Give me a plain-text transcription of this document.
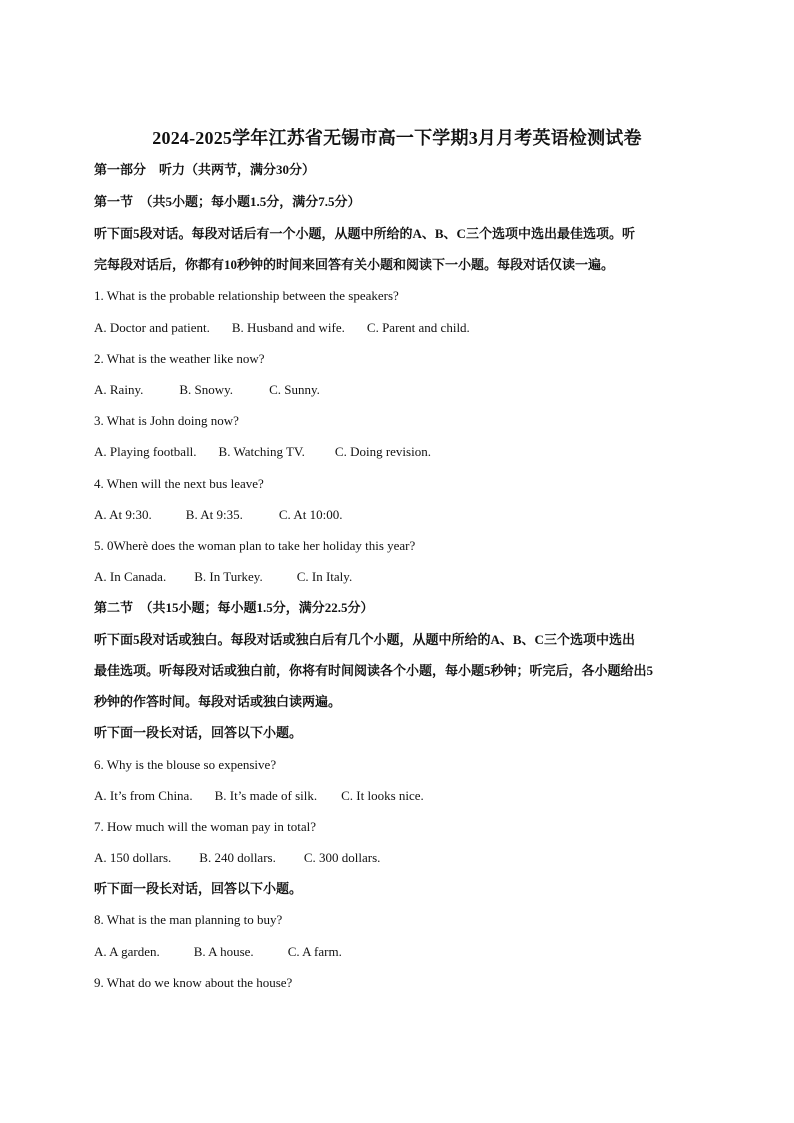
2024-2025学年江苏省无锡市高一下学期3月月考英语检测试卷
第一部分　听力（共两节，满分30分）
第一节　（共5小题；每小题1.5分，满分7.5分）
听下面5段对话。每段对话后有一个小题，从题中所给的A、B、C三个选项中选出最佳选项。听
完每段对话后，你都有10秒钟的时间来回答有关小题和阅读下一小题。每段对话仅读一遍。
1. What is the probable relationship between the speakers?
A. Doctor and patient. B. Husband and wife. C. Parent and child.
2. What is the weather like now?
A. Rainy.	B. Snowy.	C. Sunny.
3. What is John doing now?
A. Playing football. B. Watching TV. C. Doing revision.
4. When will the next bus leave?
A. At 9:30.	B. At 9:35.	C. At 10:00.
5. 0Wherè does the woman plan to take her holiday this year?
A. In Canada. B. In Turkey.	C. In Italy.
第二节　（共15小题；每小题1.5分，满分22.5分）
听下面5段对话或独白。每段对话或独白后有几个小题，从题中所给的A、B、C三个选项中选出
最佳选项。听每段对话或独白前，你将有时间阅读各个小题，每小题5秒钟；听完后，各小题给出5
秒钟的作答时间。每段对话或独白读两遍。
听下面一段长对话，回答以下小题。
6. Why is the blouse so expensive?
A. It’s from China. B. It’s made of silk. C. It looks nice.
7. How much will the woman pay in total?
A. 150 dollars. B. 240 dollars. C. 300 dollars.
听下面一段长对话，回答以下小题。
8. What is the man planning to buy?
A. A garden.	B. A house.	C. A farm.
9. What do we know about the house?
